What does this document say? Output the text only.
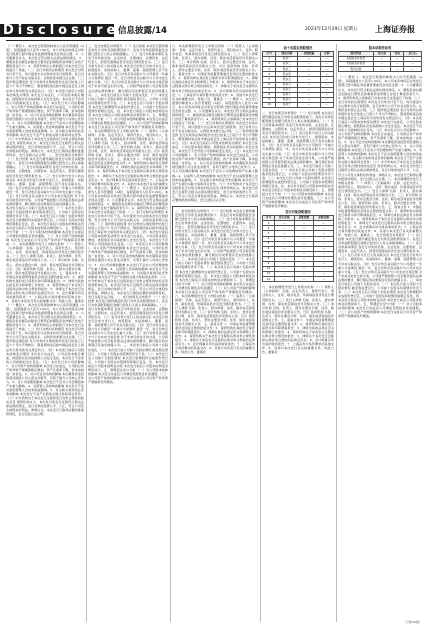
Disclosure
信息披露/14	2023年12月29日 星期五 上海证券报
（一）概况 1、本次发行股票的种类为人民币普通股（A股），每股面值为人民币1.00元。本公司本次向特定对象发行股票已经中国证券监督管理委员会同意注册。2、公司董事会认为，本次发行符合相关法律法规的规定。3、募集资金总额及扣除发行费用后的募集资金净额已存放于募集资金专户。4、保荐机构及主承销商已对本次发行过程进行了核查。（二）发行对象的认购情况 本次发行对象共计若干名，均以现金方式认购本次发行的股票。发行对象与公司不存在关联关系。认购资金来源合法合规。（三）股份锁定期安排 发行对象所认购的股份自发行结束之日起六个月内不得转让。限售期结束后按中国证监会及上海证券交易所的有关规定执行。（四）本次发行前后公司股本结构变动情况 本次发行完成后，公司总股本相应增加，控股股东及实际控制人未发生变化。本次发行不会导致公司控制权发生变化。（五）本次发行对公司的影响 1、对公司资产结构的影响 本次发行完成后，公司的总资产和净资产规模将相应增加，资产负债率下降，资本结构进一步优化。2、对公司业务结构的影响 本次募集资金投资项目围绕公司主营业务展开，有利于提升公司核心竞争力。3、对公司治理的影响 本次发行不会对公司治理结构产生重大影响。4、对高管人员结构的影响 本次发行不会对高级管理人员结构造成影响。5、对关联交易和同业竞争的影响 本次发行不会产生新的关联交易和同业竞争。（六）中介机构关于本次发行过程和发行对象合规性的结论意见 保荐机构认为，本次发行的发行过程符合相关法律法规的规定，发行对象的选择公平、公正，符合公司及全体股东的利益。律师认为，本次发行已取得必要的批准和授权，发行过程合法合规。二、发行结果及对象简介 （一）发行结果 本次发行最终确定的发行对象及获配情况如下。各发行对象获配股数及金额已经发行人和主承销商确认。（二）发行对象基本情况 各发行对象的名称、企业性质、注册地址、注册资本、法定代表人、经营范围等信息详见发行情况报告书。（三）发行对象与发行人的关联关系 本次发行的发行对象与发行人、控股股东、实际控制人、董事、监事、高级管理人员不存在关联关系。（四）发行对象及其关联方与公司最近一年重大交易情况 最近一年，发行对象及其关联方与公司未发生重大交易。（五）发行对象及其关联方与公司未来交易安排 对于未来可能发生的交易，公司将严格按照公司章程及相关法律法规的要求，履行相应的决策程序及信息披露义务。三、本次发行前后公司前十名股东变化 （一）本次发行前公司前十名股东情况 截至股权登记日，公司前十名股东持股情况详见下表。（二）本次发行后公司前十名股东情况 本次发行新增股份完成股份登记后，公司前十名股东持股情况将相应变化。四、本次发行前后公司股本结构变动表 本次发行前后公司股本结构变动情况如下。五、管理层讨论与分析 （一）对公司股本结构的影响 本次发行完成后公司增加有限售条件流通股。（二）对公司资产结构的影响 本次发行完成后公司总资产和净资产规模将有所增加。六、本次新增股份发行上市相关机构 （一）保荐人（主承销商） 名称、法定代表人、保荐代表人、项目协办人、住所、联系电话、传真等信息详见发行情况报告书。（二）发行人律师 名称、负责人、经办律师、住所、联系电话等信息详见相关公告。（三）审计机构 名称、负责人、经办注册会计师、住所、联系电话等信息详见相关公告。（四）验资机构 名称、负责人、经办注册会计师、住所、联系电话等信息详见相关公告。七、备查文件 1、中国证券监督管理委员会同意注册的批复文件；2、保荐机构出具的发行保荐书和尽职调查报告；3、律师出具的法律意见书和律师工作报告；4、保荐机构关于本次发行过程和认购对象合规性的报告；5、律师关于本次发行过程和认购对象合规性的法律意见书；6、会计师事务所出具的验资报告；7、上海证券交易所要求的其他文件；8、其他与本次发行有关的重要文件。特此公告。董事会（一）概况 1、本次发行股票的种类为人民币普通股（A股），每股面值为人民币1.00元。本公司本次向特定对象发行股票已经中国证券监督管理委员会同意注册。2、公司董事会认为，本次发行符合相关法律法规的规定。3、募集资金总额及扣除发行费用后的募集资金净额已存放于募集资金专户。4、保荐机构及主承销商已对本次发行过程进行了核查。（二）发行对象的认购情况 本次发行对象共计若干名，均以现金方式认购本次发行的股票。发行对象与公司不存在关联关系。认购资金来源合法合规。（三）股份锁定期安排 发行对象所认购的股份自发行结束之日起六个月内不得转让。限售期结束后按中国证监会及上海证券交易所的有关规定执行。（四）本次发行前后公司股本结构变动情况 本次发行完成后，公司总股本相应增加，控股股东及实际控制人未发生变化。本次发行不会导致公司控制权发生变化。（五）本次发行对公司的影响 1、对公司资产结构的影响 本次发行完成后，公司的总资产和净资产规模将相应增加，资产负债率下降，资本结构进一步优化。2、对公司业务结构的影响 本次募集资金投资项目围绕公司主营业务展开，有利于提升公司核心竞争力。3、对公司治理的影响 本次发行不会对公司治理结构产生重大影响。4、对高管人员结构的影响 本次发行不会对高级管理人员结构造成影响。5、对关联交易和同业竞争的影响 本次发行不会产生新的关联交易和同业竞争。（六）中介机构关于本次发行过程和发行对象合规性的结论意见 保荐机构认为，本次发行的发行过程符合相关法律法规的规定，发行对象的选择公平、公正，符合公司及全体股东的利益。律师认为，本次发行已取得必要的批准和授权，发行过程合法合规。
二、发行结果及对象简介 （一）发行结果 本次发行最终确定的发行对象及获配情况如下。各发行对象获配股数及金额已经发行人和主承销商确认。（二）发行对象基本情况 各发行对象的名称、企业性质、注册地址、注册资本、法定代表人、经营范围等信息详见发行情况报告书。（三）发行对象与发行人的关联关系 本次发行的发行对象与发行人、控股股东、实际控制人、董事、监事、高级管理人员不存在关联关系。（四）发行对象及其关联方与公司最近一年重大交易情况 最近一年，发行对象及其关联方与公司未发生重大交易。（五）发行对象及其关联方与公司未来交易安排 对于未来可能发生的交易，公司将严格按照公司章程及相关法律法规的要求，履行相应的决策程序及信息披露义务。三、本次发行前后公司前十名股东变化 （一）本次发行前公司前十名股东情况 截至股权登记日，公司前十名股东持股情况详见下表。（二）本次发行后公司前十名股东情况 本次发行新增股份完成股份登记后，公司前十名股东持股情况将相应变化。四、本次发行前后公司股本结构变动表 本次发行前后公司股本结构变动情况如下。五、管理层讨论与分析 （一）对公司股本结构的影响 本次发行完成后公司增加有限售条件流通股。（二）对公司资产结构的影响 本次发行完成后公司总资产和净资产规模将有所增加。六、本次新增股份发行上市相关机构 （一）保荐人（主承销商） 名称、法定代表人、保荐代表人、项目协办人、住所、联系电话、传真等信息详见发行情况报告书。（二）发行人律师 名称、负责人、经办律师、住所、联系电话等信息详见相关公告。（三）审计机构 名称、负责人、经办注册会计师、住所、联系电话等信息详见相关公告。（四）验资机构 名称、负责人、经办注册会计师、住所、联系电话等信息详见相关公告。七、备查文件 1、中国证券监督管理委员会同意注册的批复文件；2、保荐机构出具的发行保荐书和尽职调查报告；3、律师出具的法律意见书和律师工作报告；4、保荐机构关于本次发行过程和认购对象合规性的报告；5、律师关于本次发行过程和认购对象合规性的法律意见书；6、会计师事务所出具的验资报告；7、上海证券交易所要求的其他文件；8、其他与本次发行有关的重要文件。特此公告。董事会（一）概况 1、本次发行股票的种类为人民币普通股（A股），每股面值为人民币1.00元。本公司本次向特定对象发行股票已经中国证券监督管理委员会同意注册。2、公司董事会认为，本次发行符合相关法律法规的规定。3、募集资金总额及扣除发行费用后的募集资金净额已存放于募集资金专户。4、保荐机构及主承销商已对本次发行过程进行了核查。（二）发行对象的认购情况 本次发行对象共计若干名，均以现金方式认购本次发行的股票。发行对象与公司不存在关联关系。认购资金来源合法合规。（三）股份锁定期安排 发行对象所认购的股份自发行结束之日起六个月内不得转让。限售期结束后按中国证监会及上海证券交易所的有关规定执行。（四）本次发行前后公司股本结构变动情况 本次发行完成后，公司总股本相应增加，控股股东及实际控制人未发生变化。本次发行不会导致公司控制权发生变化。（五）本次发行对公司的影响 1、对公司资产结构的影响 本次发行完成后，公司的总资产和净资产规模将相应增加，资产负债率下降，资本结构进一步优化。2、对公司业务结构的影响 本次募集资金投资项目围绕公司主营业务展开，有利于提升公司核心竞争力。3、对公司治理的影响 本次发行不会对公司治理结构产生重大影响。4、对高管人员结构的影响 本次发行不会对高级管理人员结构造成影响。5、对关联交易和同业竞争的影响 本次发行不会产生新的关联交易和同业竞争。（六）中介机构关于本次发行过程和发行对象合规性的结论意见 保荐机构认为，本次发行的发行过程符合相关法律法规的规定，发行对象的选择公平、公正，符合公司及全体股东的利益。律师认为，本次发行已取得必要的批准和授权，发行过程合法合规。二、发行结果及对象简介 （一）发行结果 本次发行最终确定的发行对象及获配情况如下。各发行对象获配股数及金额已经发行人和主承销商确认。（二）发行对象基本情况 各发行对象的名称、企业性质、注册地址、注册资本、法定代表人、经营范围等信息详见发行情况报告书。（三）发行对象与发行人的关联关系 本次发行的发行对象与发行人、控股股东、实际控制人、董事、监事、高级管理人员不存在关联关系。（四）发行对象及其关联方与公司最近一年重大交易情况 最近一年，发行对象及其关联方与公司未发生重大交易。（五）发行对象及其关联方与公司未来交易安排 对于未来可能发生的交易，公司将严格按照公司章程及相关法律法规的要求，履行相应的决策程序及信息披露义务。三、本次发行前后公司前十名股东变化 （一）本次发行前公司前十名股东情况 截至股权登记日，公司前十名股东持股情况详见下表。（二）本次发行后公司前十名股东情况 本次发行新增股份完成股份登记后，公司前十名股东持股情况将相应变化。四、本次发行前后公司股本结构变动表 本次发行前后公司股本结构变动情况如下。五、管理层讨论与分析 （一）对公司股本结构的影响 本次发行完成后公司增加有限售条件流通股。（二）对公司资产结构的影响 本次发行完成后公司总资产和净资产规模将有所增加。
六、本次新增股份发行上市相关机构 （一）保荐人（主承销商） 名称、法定代表人、保荐代表人、项目协办人、住所、联系电话、传真等信息详见发行情况报告书。（二）发行人律师 名称、负责人、经办律师、住所、联系电话等信息详见相关公告。（三）审计机构 名称、负责人、经办注册会计师、住所、联系电话等信息详见相关公告。（四）验资机构 名称、负责人、经办注册会计师、住所、联系电话等信息详见相关公告。七、备查文件 1、中国证券监督管理委员会同意注册的批复文件；2、保荐机构出具的发行保荐书和尽职调查报告；3、律师出具的法律意见书和律师工作报告；4、保荐机构关于本次发行过程和认购对象合规性的报告；5、律师关于本次发行过程和认购对象合规性的法律意见书；6、会计师事务所出具的验资报告；7、上海证券交易所要求的其他文件；8、其他与本次发行有关的重要文件。特此公告。董事会（一）概况 1、本次发行股票的种类为人民币普通股（A股），每股面值为人民币1.00元。本公司本次向特定对象发行股票已经中国证券监督管理委员会同意注册。2、公司董事会认为，本次发行符合相关法律法规的规定。3、募集资金总额及扣除发行费用后的募集资金净额已存放于募集资金专户。4、保荐机构及主承销商已对本次发行过程进行了核查。（二）发行对象的认购情况 本次发行对象共计若干名，均以现金方式认购本次发行的股票。发行对象与公司不存在关联关系。认购资金来源合法合规。（三）股份锁定期安排 发行对象所认购的股份自发行结束之日起六个月内不得转让。限售期结束后按中国证监会及上海证券交易所的有关规定执行。（四）本次发行前后公司股本结构变动情况 本次发行完成后，公司总股本相应增加，控股股东及实际控制人未发生变化。本次发行不会导致公司控制权发生变化。（五）本次发行对公司的影响 1、对公司资产结构的影响 本次发行完成后，公司的总资产和净资产规模将相应增加，资产负债率下降，资本结构进一步优化。2、对公司业务结构的影响 本次募集资金投资项目围绕公司主营业务展开，有利于提升公司核心竞争力。3、对公司治理的影响 本次发行不会对公司治理结构产生重大影响。4、对高管人员结构的影响 本次发行不会对高级管理人员结构造成影响。5、对关联交易和同业竞争的影响 本次发行不会产生新的关联交易和同业竞争。（六）中介机构关于本次发行过程和发行对象合规性的结论意见 保荐机构认为，本次发行的发行过程符合相关法律法规的规定，发行对象的选择公平、公正，符合公司及全体股东的利益。律师认为，本次发行已取得必要的批准和授权，发行过程合法合规。
二、发行结果及对象简介 （一）发行结果 本次发行最终确定的发行对象及获配情况如下。各发行对象获配股数及金额已经发行人和主承销商确认。（二）发行对象基本情况 各发行对象的名称、企业性质、注册地址、注册资本、法定代表人、经营范围等信息详见发行情况报告书。（三）发行对象与发行人的关联关系 本次发行的发行对象与发行人、控股股东、实际控制人、董事、监事、高级管理人员不存在关联关系。（四）发行对象及其关联方与公司最近一年重大交易情况 最近一年，发行对象及其关联方与公司未发生重大交易。（五）发行对象及其关联方与公司未来交易安排 对于未来可能发生的交易，公司将严格按照公司章程及相关法律法规的要求，履行相应的决策程序及信息披露义务。三、本次发行前后公司前十名股东变化 （一）本次发行前公司前十名股东情况 截至股权登记日，公司前十名股东持股情况详见下表。（二）本次发行后公司前十名股东情况 本次发行新增股份完成股份登记后，公司前十名股东持股情况将相应变化。四、本次发行前后公司股本结构变动表 本次发行前后公司股本结构变动情况如下。五、管理层讨论与分析 （一）对公司股本结构的影响 本次发行完成后公司增加有限售条件流通股。（二）对公司资产结构的影响 本次发行完成后公司总资产和净资产规模将有所增加。六、本次新增股份发行上市相关机构 （一）保荐人（主承销商） 名称、法定代表人、保荐代表人、项目协办人、住所、联系电话、传真等信息详见发行情况报告书。（二）发行人律师 名称、负责人、经办律师、住所、联系电话等信息详见相关公告。（三）审计机构 名称、负责人、经办注册会计师、住所、联系电话等信息详见相关公告。（四）验资机构 名称、负责人、经办注册会计师、住所、联系电话等信息详见相关公告。七、备查文件 1、中国证券监督管理委员会同意注册的批复文件；2、保荐机构出具的发行保荐书和尽职调查报告；3、律师出具的法律意见书和律师工作报告；4、保荐机构关于本次发行过程和认购对象合规性的报告；5、律师关于本次发行过程和认购对象合规性的法律意见书；6、会计师事务所出具的验资报告；7、上海证券交易所要求的其他文件；8、其他与本次发行有关的重要文件。特此公告。董事会
前十名股东持股情况
序号	股东名称	持股数量	比例
1	股东一	—	—
2	股东二	—	—
3	股东三	—	—
4	股东四	—	—
5	股东五	—	—
6	股东六	—	—
7	股东七	—	—
8	股东八	—	—
9	股东九	—	—
10	股东十	—	—
二、发行结果及对象简介 （一）发行结果 本次发行最终确定的发行对象及获配情况如下。各发行对象获配股数及金额已经发行人和主承销商确认。（二）发行对象基本情况 各发行对象的名称、企业性质、注册地址、注册资本、法定代表人、经营范围等信息详见发行情况报告书。（三）发行对象与发行人的关联关系 本次发行的发行对象与发行人、控股股东、实际控制人、董事、监事、高级管理人员不存在关联关系。（四）发行对象及其关联方与公司最近一年重大交易情况 最近一年，发行对象及其关联方与公司未发生重大交易。（五）发行对象及其关联方与公司未来交易安排 对于未来可能发生的交易，公司将严格按照公司章程及相关法律法规的要求，履行相应的决策程序及信息披露义务。三、本次发行前后公司前十名股东变化 （一）本次发行前公司前十名股东情况 截至股权登记日，公司前十名股东持股情况详见下表。（二）本次发行后公司前十名股东情况 本次发行新增股份完成股份登记后，公司前十名股东持股情况将相应变化。四、本次发行前后公司股本结构变动表 本次发行前后公司股本结构变动情况如下。五、管理层讨论与分析 （一）对公司股本结构的影响 本次发行完成后公司增加有限售条件流通股。（二）对公司资产结构的影响 本次发行完成后公司总资产和净资产规模将有所增加。
发行对象获配情况
序号	发行对象	获配股数	获配金额
1	—	—	—
2	—	—	—
3	—	—	—
4	—	—	—
5	—	—	—
6	—	—	—
7	—	—	—
8	—	—	—
9	—	—	—
10	—	—	—
11	—	—	—
12	—	—	—
六、本次新增股份发行上市相关机构 （一）保荐人（主承销商） 名称、法定代表人、保荐代表人、项目协办人、住所、联系电话、传真等信息详见发行情况报告书。（二）发行人律师 名称、负责人、经办律师、住所、联系电话等信息详见相关公告。（三）审计机构 名称、负责人、经办注册会计师、住所、联系电话等信息详见相关公告。（四）验资机构 名称、负责人、经办注册会计师、住所、联系电话等信息详见相关公告。七、备查文件 1、中国证券监督管理委员会同意注册的批复文件；2、保荐机构出具的发行保荐书和尽职调查报告；3、律师出具的法律意见书和律师工作报告；4、保荐机构关于本次发行过程和认购对象合规性的报告；5、律师关于本次发行过程和认购对象合规性的法律意见书；6、会计师事务所出具的验资报告；7、上海证券交易所要求的其他文件；8、其他与本次发行有关的重要文件。特此公告。董事会
股本结构变动表
股份类别	发行前	变动	发行后
有限售条件股份	—	—	—
无限售条件股份	—	—	—
股份总数	—	—	—
（一）概况 1、本次发行股票的种类为人民币普通股（A股），每股面值为人民币1.00元。本公司本次向特定对象发行股票已经中国证券监督管理委员会同意注册。2、公司董事会认为，本次发行符合相关法律法规的规定。3、募集资金总额及扣除发行费用后的募集资金净额已存放于募集资金专户。4、保荐机构及主承销商已对本次发行过程进行了核查。（二）发行对象的认购情况 本次发行对象共计若干名，均以现金方式认购本次发行的股票。发行对象与公司不存在关联关系。认购资金来源合法合规。（三）股份锁定期安排 发行对象所认购的股份自发行结束之日起六个月内不得转让。限售期结束后按中国证监会及上海证券交易所的有关规定执行。（四）本次发行前后公司股本结构变动情况 本次发行完成后，公司总股本相应增加，控股股东及实际控制人未发生变化。本次发行不会导致公司控制权发生变化。（五）本次发行对公司的影响 1、对公司资产结构的影响 本次发行完成后，公司的总资产和净资产规模将相应增加，资产负债率下降，资本结构进一步优化。2、对公司业务结构的影响 本次募集资金投资项目围绕公司主营业务展开，有利于提升公司核心竞争力。3、对公司治理的影响 本次发行不会对公司治理结构产生重大影响。4、对高管人员结构的影响 本次发行不会对高级管理人员结构造成影响。5、对关联交易和同业竞争的影响 本次发行不会产生新的关联交易和同业竞争。（六）中介机构关于本次发行过程和发行对象合规性的结论意见 保荐机构认为，本次发行的发行过程符合相关法律法规的规定，发行对象的选择公平、公正，符合公司及全体股东的利益。律师认为，本次发行已取得必要的批准和授权，发行过程合法合规。六、本次新增股份发行上市相关机构 （一）保荐人（主承销商） 名称、法定代表人、保荐代表人、项目协办人、住所、联系电话、传真等信息详见发行情况报告书。（二）发行人律师 名称、负责人、经办律师、住所、联系电话等信息详见相关公告。（三）审计机构 名称、负责人、经办注册会计师、住所、联系电话等信息详见相关公告。（四）验资机构 名称、负责人、经办注册会计师、住所、联系电话等信息详见相关公告。七、备查文件 1、中国证券监督管理委员会同意注册的批复文件；2、保荐机构出具的发行保荐书和尽职调查报告；3、律师出具的法律意见书和律师工作报告；4、保荐机构关于本次发行过程和认购对象合规性的报告；5、律师关于本次发行过程和认购对象合规性的法律意见书；6、会计师事务所出具的验资报告；7、上海证券交易所要求的其他文件；8、其他与本次发行有关的重要文件。特此公告。董事会二、发行结果及对象简介 （一）发行结果 本次发行最终确定的发行对象及获配情况如下。各发行对象获配股数及金额已经发行人和主承销商确认。（二）发行对象基本情况 各发行对象的名称、企业性质、注册地址、注册资本、法定代表人、经营范围等信息详见发行情况报告书。（三）发行对象与发行人的关联关系 本次发行的发行对象与发行人、控股股东、实际控制人、董事、监事、高级管理人员不存在关联关系。（四）发行对象及其关联方与公司最近一年重大交易情况 最近一年，发行对象及其关联方与公司未发生重大交易。（五）发行对象及其关联方与公司未来交易安排 对于未来可能发生的交易，公司将严格按照公司章程及相关法律法规的要求，履行相应的决策程序及信息披露义务。三、本次发行前后公司前十名股东变化 （一）本次发行前公司前十名股东情况 截至股权登记日，公司前十名股东持股情况详见下表。（二）本次发行后公司前十名股东情况 本次发行新增股份完成股份登记后，公司前十名股东持股情况将相应变化。四、本次发行前后公司股本结构变动表 本次发行前后公司股本结构变动情况如下。五、管理层讨论与分析 （一）对公司股本结构的影响 本次发行完成后公司增加有限售条件流通股。（二）对公司资产结构的影响 本次发行完成后公司总资产和净资产规模将有所增加。
（下转15版）
